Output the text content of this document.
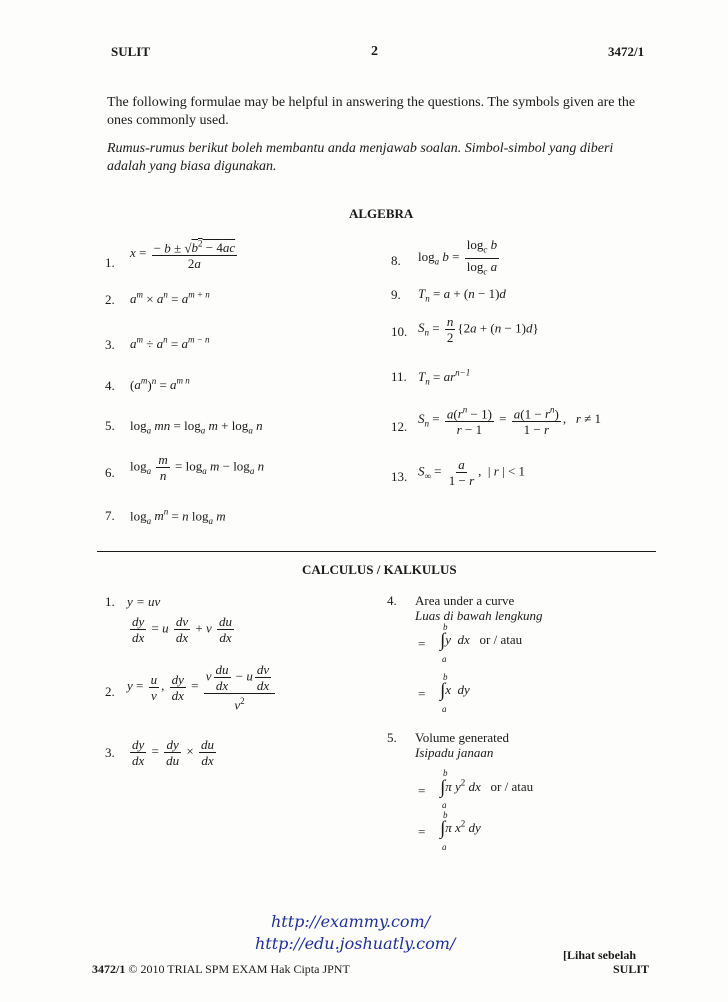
SULIT	2	3472/1
The following formulae may be helpful in answering the questions. The symbols given are the ones commonly used.
Rumus-rumus berikut boleh membantu anda menjawab soalan. Simbol-simbol yang diberi adalah yang biasa digunakan.
ALGEBRA
1.
$x = \frac{- b \pm √b^2 - 4ac}{2a}$
2. $a^m \times a^n = a^{m + n}$
3. $a^m \div a^n = a^{m - n}$
4. $(a^m)^n = a^{m n}$
5. $\log_a$ mn = $\log_a m + \log_a n$
6. $\log_a \frac{m}{n} = \log_a m - \log_a n$
7. $\log_a m^n = n$ $\log_a m$
8. $\log_a b = \frac{\log_c b}{\log_c a}$
9. $T_n = a + (n - 1)d$
10. $S_n = \frac{n}{2} \{2a + (n - 1)d\}$
11. $T_n = ar^{n-1}$
12.
$S_n = \frac{a(r^n - 1)}{r - 1} = \frac{a(1 - r^n)}{1 - r}$ ,   r ≠ 1
13. $S_\infty = \frac{a}{1 - r}$ ,  | r | < 1
CALCULUS / KALKULUS
1. y = uv
$\frac{dy}{dx} = u \frac{dv}{dx} + v \frac{du}{dx}$
2. $y = \frac{u}{v}$ , $\frac{dy}{dx} = \frac{v \frac{du}{dx} - u \frac{dv}{dx}}{v^2}$
3. $\frac{dy}{dx} = \frac{dy}{du} \times \frac{du}{dx}$
4. Area under a curve
Luas di bawah lengkung
=
b
∫y  dx or / atau
a
=
b
∫x  dy
a
5. Volume generated
Isipadu janaan
=
b
∫π $y^2$ dx or / atau
a
=
b
∫π $x^2$ dy
a
http://exammy.com/
http://edu.joshuatly.com/
3472/1 © 2010 TRIAL SPM EXAM Hak Cipta JPNT
[Lihat sebelah
SULIT
